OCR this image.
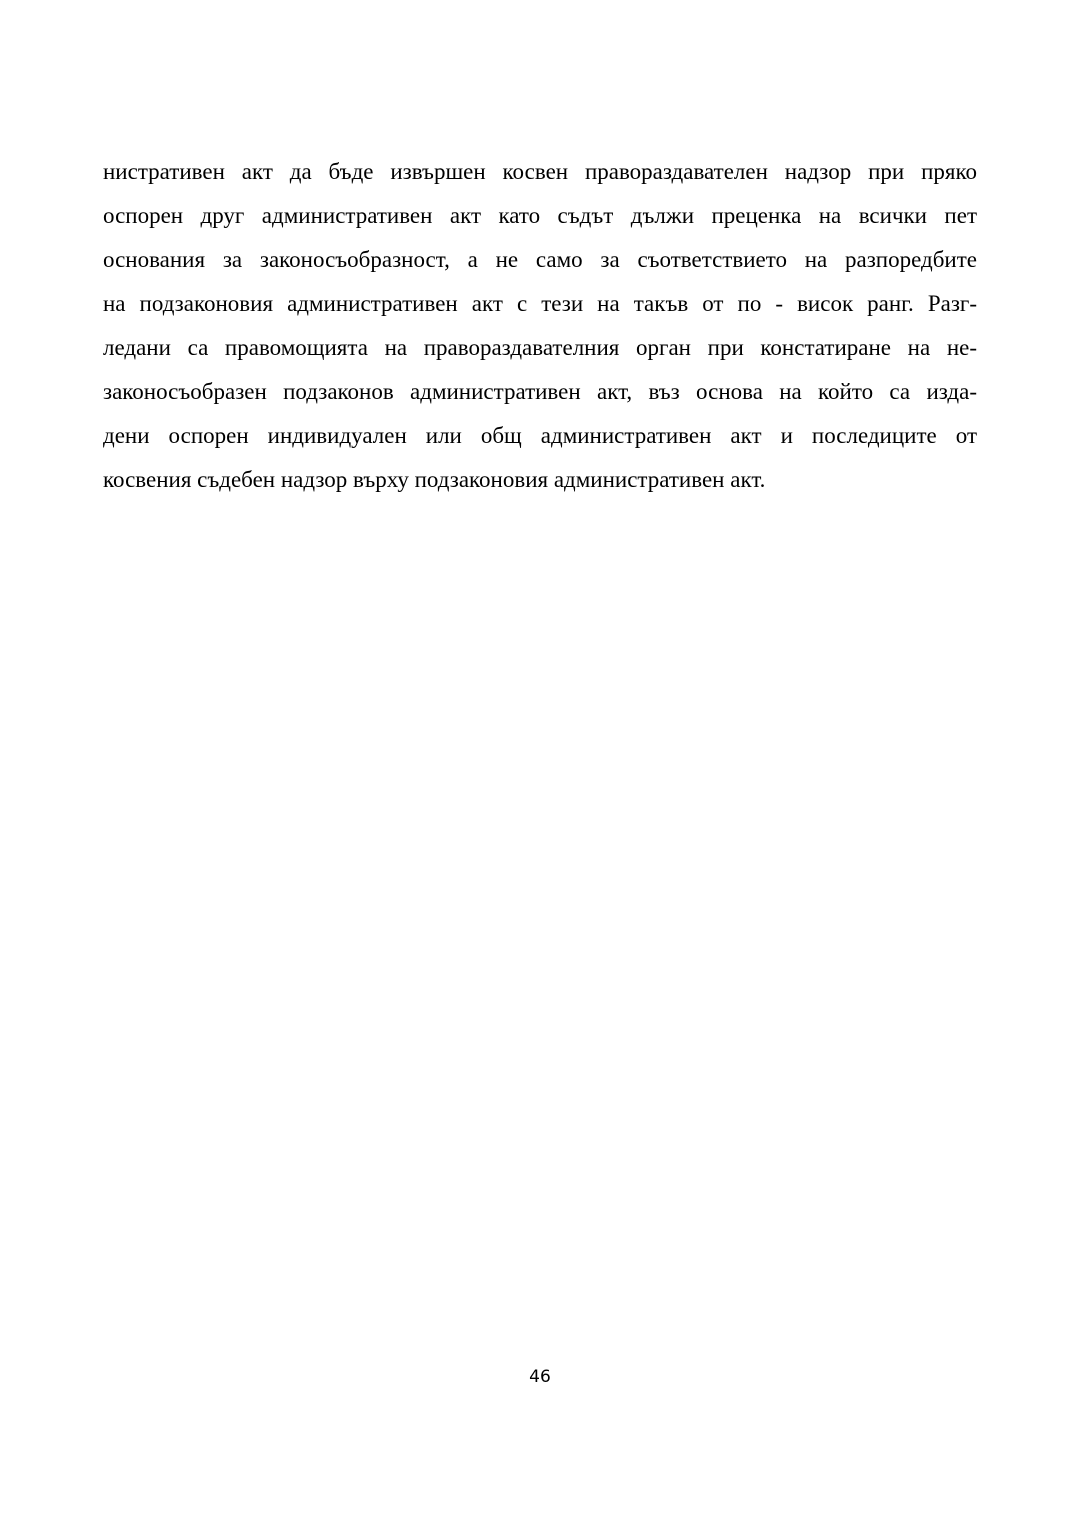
нистративен акт да бъде извършен косвен правораздавателен надзор при пряко
оспорен друг административен акт като съдът дължи преценка на всички пет
основания за законосъобразност, а не само за съответствието на разпоредбите
на подзаконовия административен акт с тези на такъв от по - висок ранг. Разг-
ледани са правомощията на правораздавателния орган при констатиране на не-
законосъобразен подзаконов административен акт, въз основа на който са изда-
дени оспорен индивидуален или общ административен акт и последиците от
косвения съдебен надзор върху подзаконовия административен акт.
46
